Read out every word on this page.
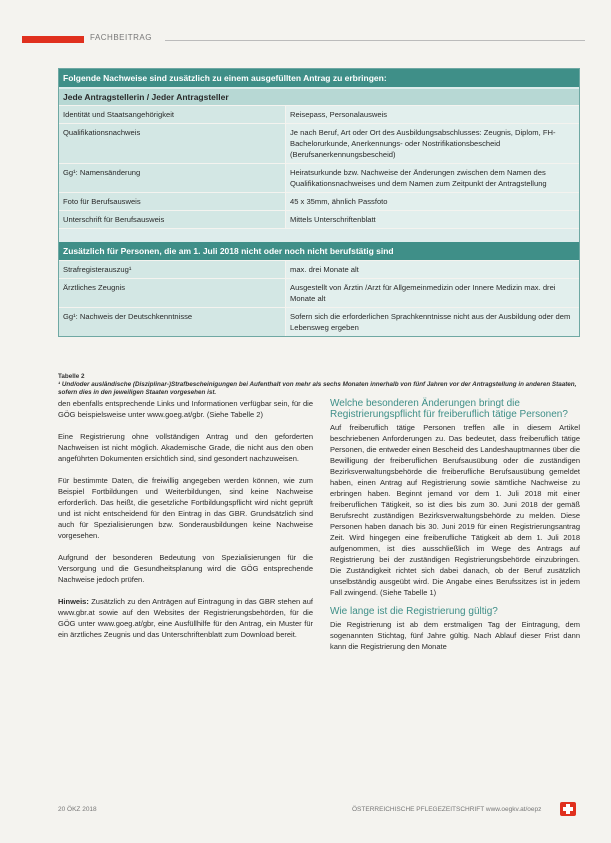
FACHBEITRAG
Folgende Nachweise sind zusätzlich zu einem ausgefüllten Antrag zu erbringen:
Jede Antragstellerin / Jeder Antragsteller
Identität und Staatsangehörigkeit	Reisepass, Personalausweis
Qualifikationsnachweis	Je nach Beruf, Art oder Ort des Ausbildungsabschlusses: Zeugnis, Diplom, FH-Bachelorurkunde, Anerkennungs- oder Nostrifikationsbescheid (Berufsanerkennungsbescheid)
Gg¹: Namensänderung	Heiratsurkunde bzw. Nachweise der Änderungen zwischen dem Namen des Qualifikationsnachweises und dem Namen zum Zeitpunkt der Antragstellung
Foto für Berufsausweis	45 x 35mm, ähnlich Passfoto
Unterschrift für Berufsausweis	Mittels Unterschriftenblatt
Zusätzlich für Personen, die am 1. Juli 2018 nicht oder noch nicht berufstätig sind
Strafregisterauszug¹	max. drei Monate alt
Ärztliches Zeugnis	Ausgestellt von Ärztin /Arzt für Allgemeinmedizin oder Innere Medizin max. drei Monate alt
Gg¹: Nachweis der Deutschkenntnisse	Sofern sich die erforderlichen Sprachkenntnisse nicht aus der Ausbildung oder dem Lebensweg ergeben
Tabelle 2
¹ Und/oder ausländische (Disziplinar-)Strafbescheinigungen bei Aufenthalt von mehr als sechs Monaten innerhalb von fünf Jahren vor der Antragstellung in anderen Staaten, sofern dies in den jeweiligen Staaten vorgesehen ist.

den ebenfalls entsprechende Links und Informationen verfügbar sein, für die GÖG beispielsweise unter www.goeg.at/gbr. (Siehe Tabelle 2)

Eine Registrierung ohne vollständigen Antrag und den geforderten Nachweisen ist nicht möglich. Akademische Grade, die nicht aus den oben angeführten Dokumenten ersichtlich sind, sind gesondert nachzuweisen.

Für bestimmte Daten, die freiwillig angegeben werden können, wie zum Beispiel Fortbildungen und Weiterbildungen, sind keine Nachweise erforderlich. Das heißt, die gesetzliche Fortbildungspflicht wird nicht geprüft und ist nicht entscheidend für den Eintrag in das GBR. Grundsätzlich sind auch für Spezialisierungen bzw. Sonderausbildungen keine Nachweise vorgesehen.

Aufgrund der besonderen Bedeutung von Spezialisierungen für die Versorgung und die Gesundheitsplanung wird die GÖG entsprechende Nachweise jedoch prüfen.

Hinweis: Zusätzlich zu den Anträgen auf Eintragung in das GBR stehen auf www.gbr.at sowie auf den Websites der Registrierungsbehörden, für die GÖG unter www.goeg.at/gbr, eine Ausfüllhilfe für den Antrag, ein Muster für ein ärztliches Zeugnis und das Unterschriftenblatt zum Download bereit.

Welche besonderen Änderungen bringt die Registrierungspflicht für freiberuflich tätige Personen?

Auf freiberuflich tätige Personen treffen alle in diesem Artikel beschriebenen Anforderungen zu. Das bedeutet, dass freiberuflich tätige Personen, die entweder einen Bescheid des Landeshauptmannes über die Bewilligung der freiberuflichen Berufsausübung oder die zuständigen Bezirksverwaltungsbehörde die freiberufliche Berufsausübung gemeldet haben, einen Antrag auf Registrierung sowie sämtliche Nachweise zu erbringen haben. Beginnt jemand vor dem 1. Juli 2018 mit einer freiberuflichen Tätigkeit, so ist dies bis zum 30. Juni 2018 der gemäß Berufsrecht zuständigen Bezirksverwaltungsbehörde zu melden. Diese Personen haben danach bis 30. Juni 2019 für einen Registrierungsantrag Zeit. Wird hingegen eine freiberufliche Tätigkeit ab dem 1. Juli 2018 aufgenommen, ist dies ausschließlich im Wege des Antrags auf Registrierung bei der zuständigen Registrierungsbehörde einzubringen. Die Zuständigkeit richtet sich dabei danach, ob der Beruf zusätzlich unselbständig ausgeübt wird. Die Angabe eines Berufssitzes ist in jedem Fall zwingend. (Siehe Tabelle 1)

Wie lange ist die Registrierung gültig?

Die Registrierung ist ab dem erstmaligen Tag der Eintragung, dem sogenannten Stichtag, fünf Jahre gültig. Nach Ablauf dieser Frist dann kann die Registrierung den Monate

20 ÖKZ 2018	ÖSTERREICHISCHE PFLEGEZEITSCHRIFT www.oegkv.at/oepz
